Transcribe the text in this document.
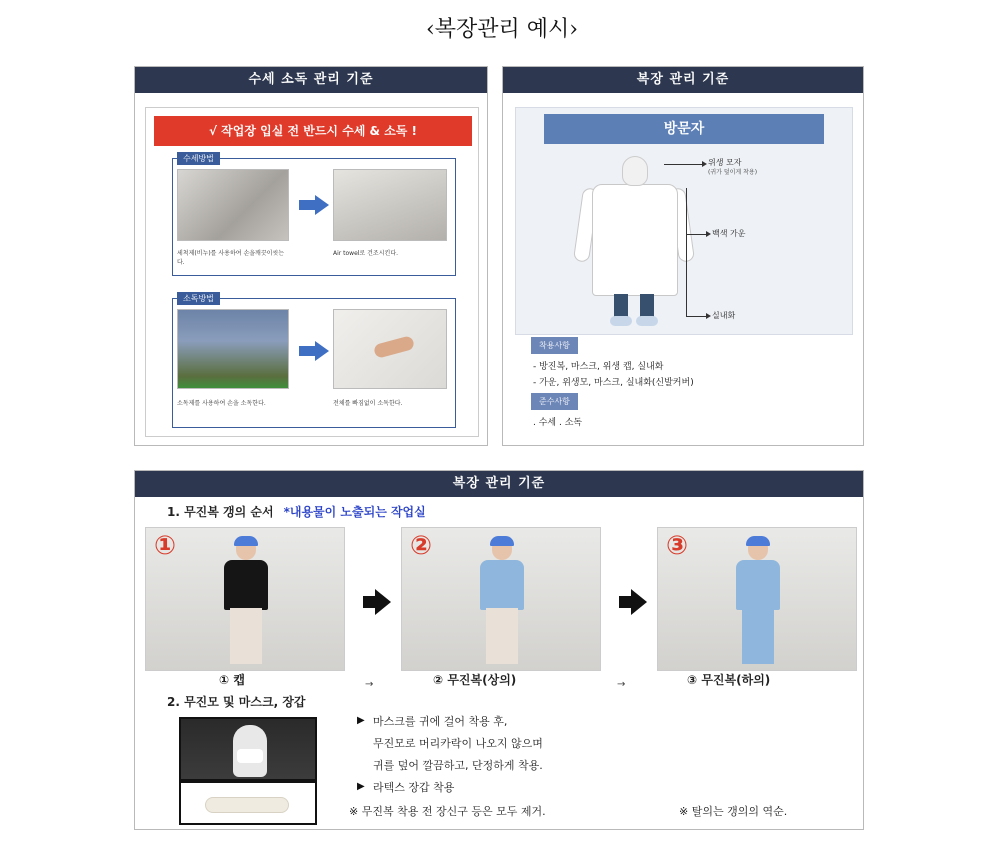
‹복장관리 예시›
수세 소독 관리 기준
√ 작업장 입실 전 반드시 수세 & 소독 !
수세방법
세척제(비누)를 사용하여 손을깨끗이씻는다.
Air towel로 건조시킨다.
소독방법
소독제를 사용하여 손을 소독한다.	전체를 빠짐없이 소독한다.
복장 관리 기준
방문자
위생 모자
(귀가 덮이게 착용)
백색 가운
실내화
착용사항
- 방진복, 마스크, 위생 캡, 실내화
- 가운, 위생모, 마스크, 실내화(신발커버)
준수사항
. 수세 . 소독
복장 관리 기준
1. 무진복 갱의 순서 *내용물이 노출되는 작업실
①	②	③
① 캡	→	② 무진복(상의)	→	③ 무진복(하의)
2. 무진모 및 마스크, 장갑
▶ 마스크를 귀에 걸어 착용 후,
무진모로 머리카락이 나오지 않으며
귀를 덮어 깔끔하고, 단정하게 착용.
▶ 라텍스 장갑 착용
※ 무진복 착용 전 장신구 등은 모두 제거.	※ 탈의는 갱의의 역순.
